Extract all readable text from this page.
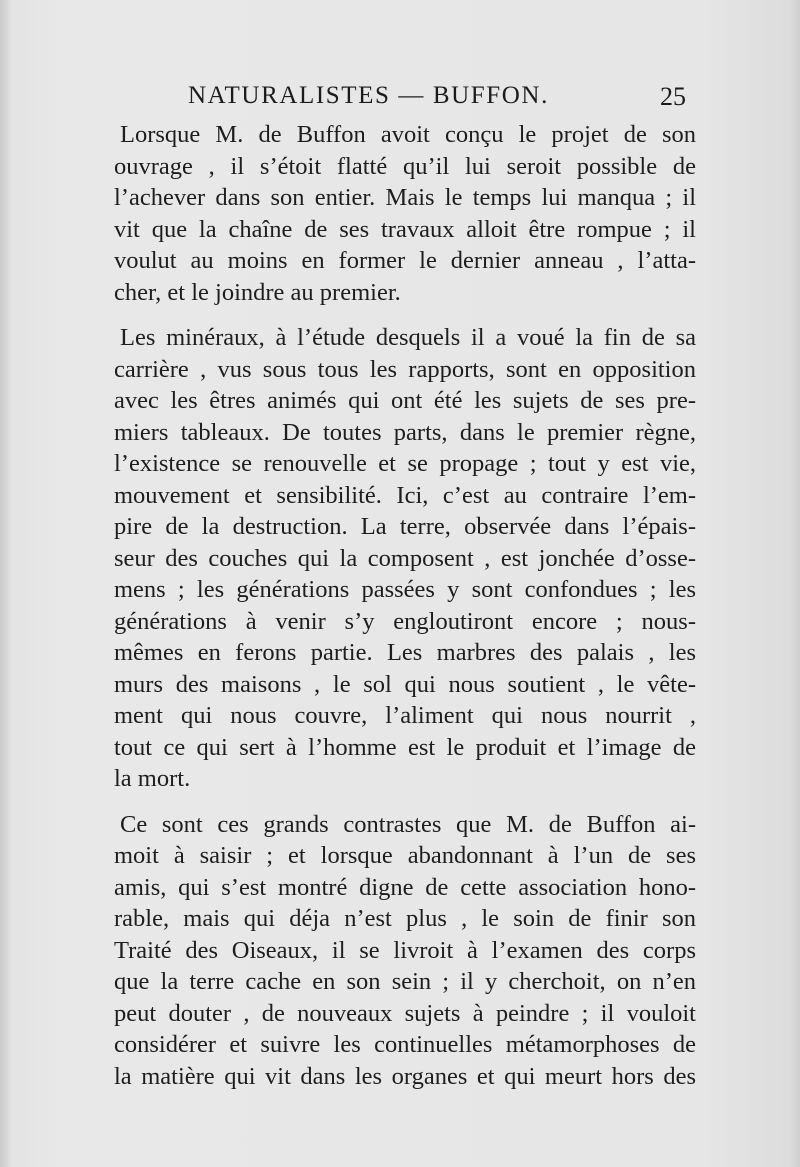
NATURALISTES — BUFFON.	25
Lorsque M. de Buffon avoit conçu le projet de son
ouvrage , il s’étoit flatté qu’il lui seroit possible de
l’achever dans son entier. Mais le temps lui manqua ; il
vit que la chaîne de ses travaux alloit être rompue ; il
voulut au moins en former le dernier anneau , l’atta-
cher, et le joindre au premier.
Les minéraux, à l’étude desquels il a voué la fin de sa
carrière , vus sous tous les rapports, sont en opposition
avec les êtres animés qui ont été les sujets de ses pre-
miers tableaux. De toutes parts, dans le premier règne,
l’existence se renouvelle et se propage ; tout y est vie,
mouvement et sensibilité. Ici, c’est au contraire l’em-
pire de la destruction. La terre, observée dans l’épais-
seur des couches qui la composent , est jonchée d’osse-
mens ; les générations passées y sont confondues ; les
générations à venir s’y engloutiront encore ; nous-
mêmes en ferons partie. Les marbres des palais , les
murs des maisons , le sol qui nous soutient , le vête-
ment qui nous couvre, l’aliment qui nous nourrit ,
tout ce qui sert à l’homme est le produit et l’image de
la mort.
Ce sont ces grands contrastes que M. de Buffon ai-
moit à saisir ; et lorsque abandonnant à l’un de ses
amis, qui s’est montré digne de cette association hono-
rable, mais qui déja n’est plus , le soin de finir son
Traité des Oiseaux, il se livroit à l’examen des corps
que la terre cache en son sein ; il y cherchoit, on n’en
peut douter , de nouveaux sujets à peindre ; il vouloit
considérer et suivre les continuelles métamorphoses de
la matière qui vit dans les organes et qui meurt hors des
